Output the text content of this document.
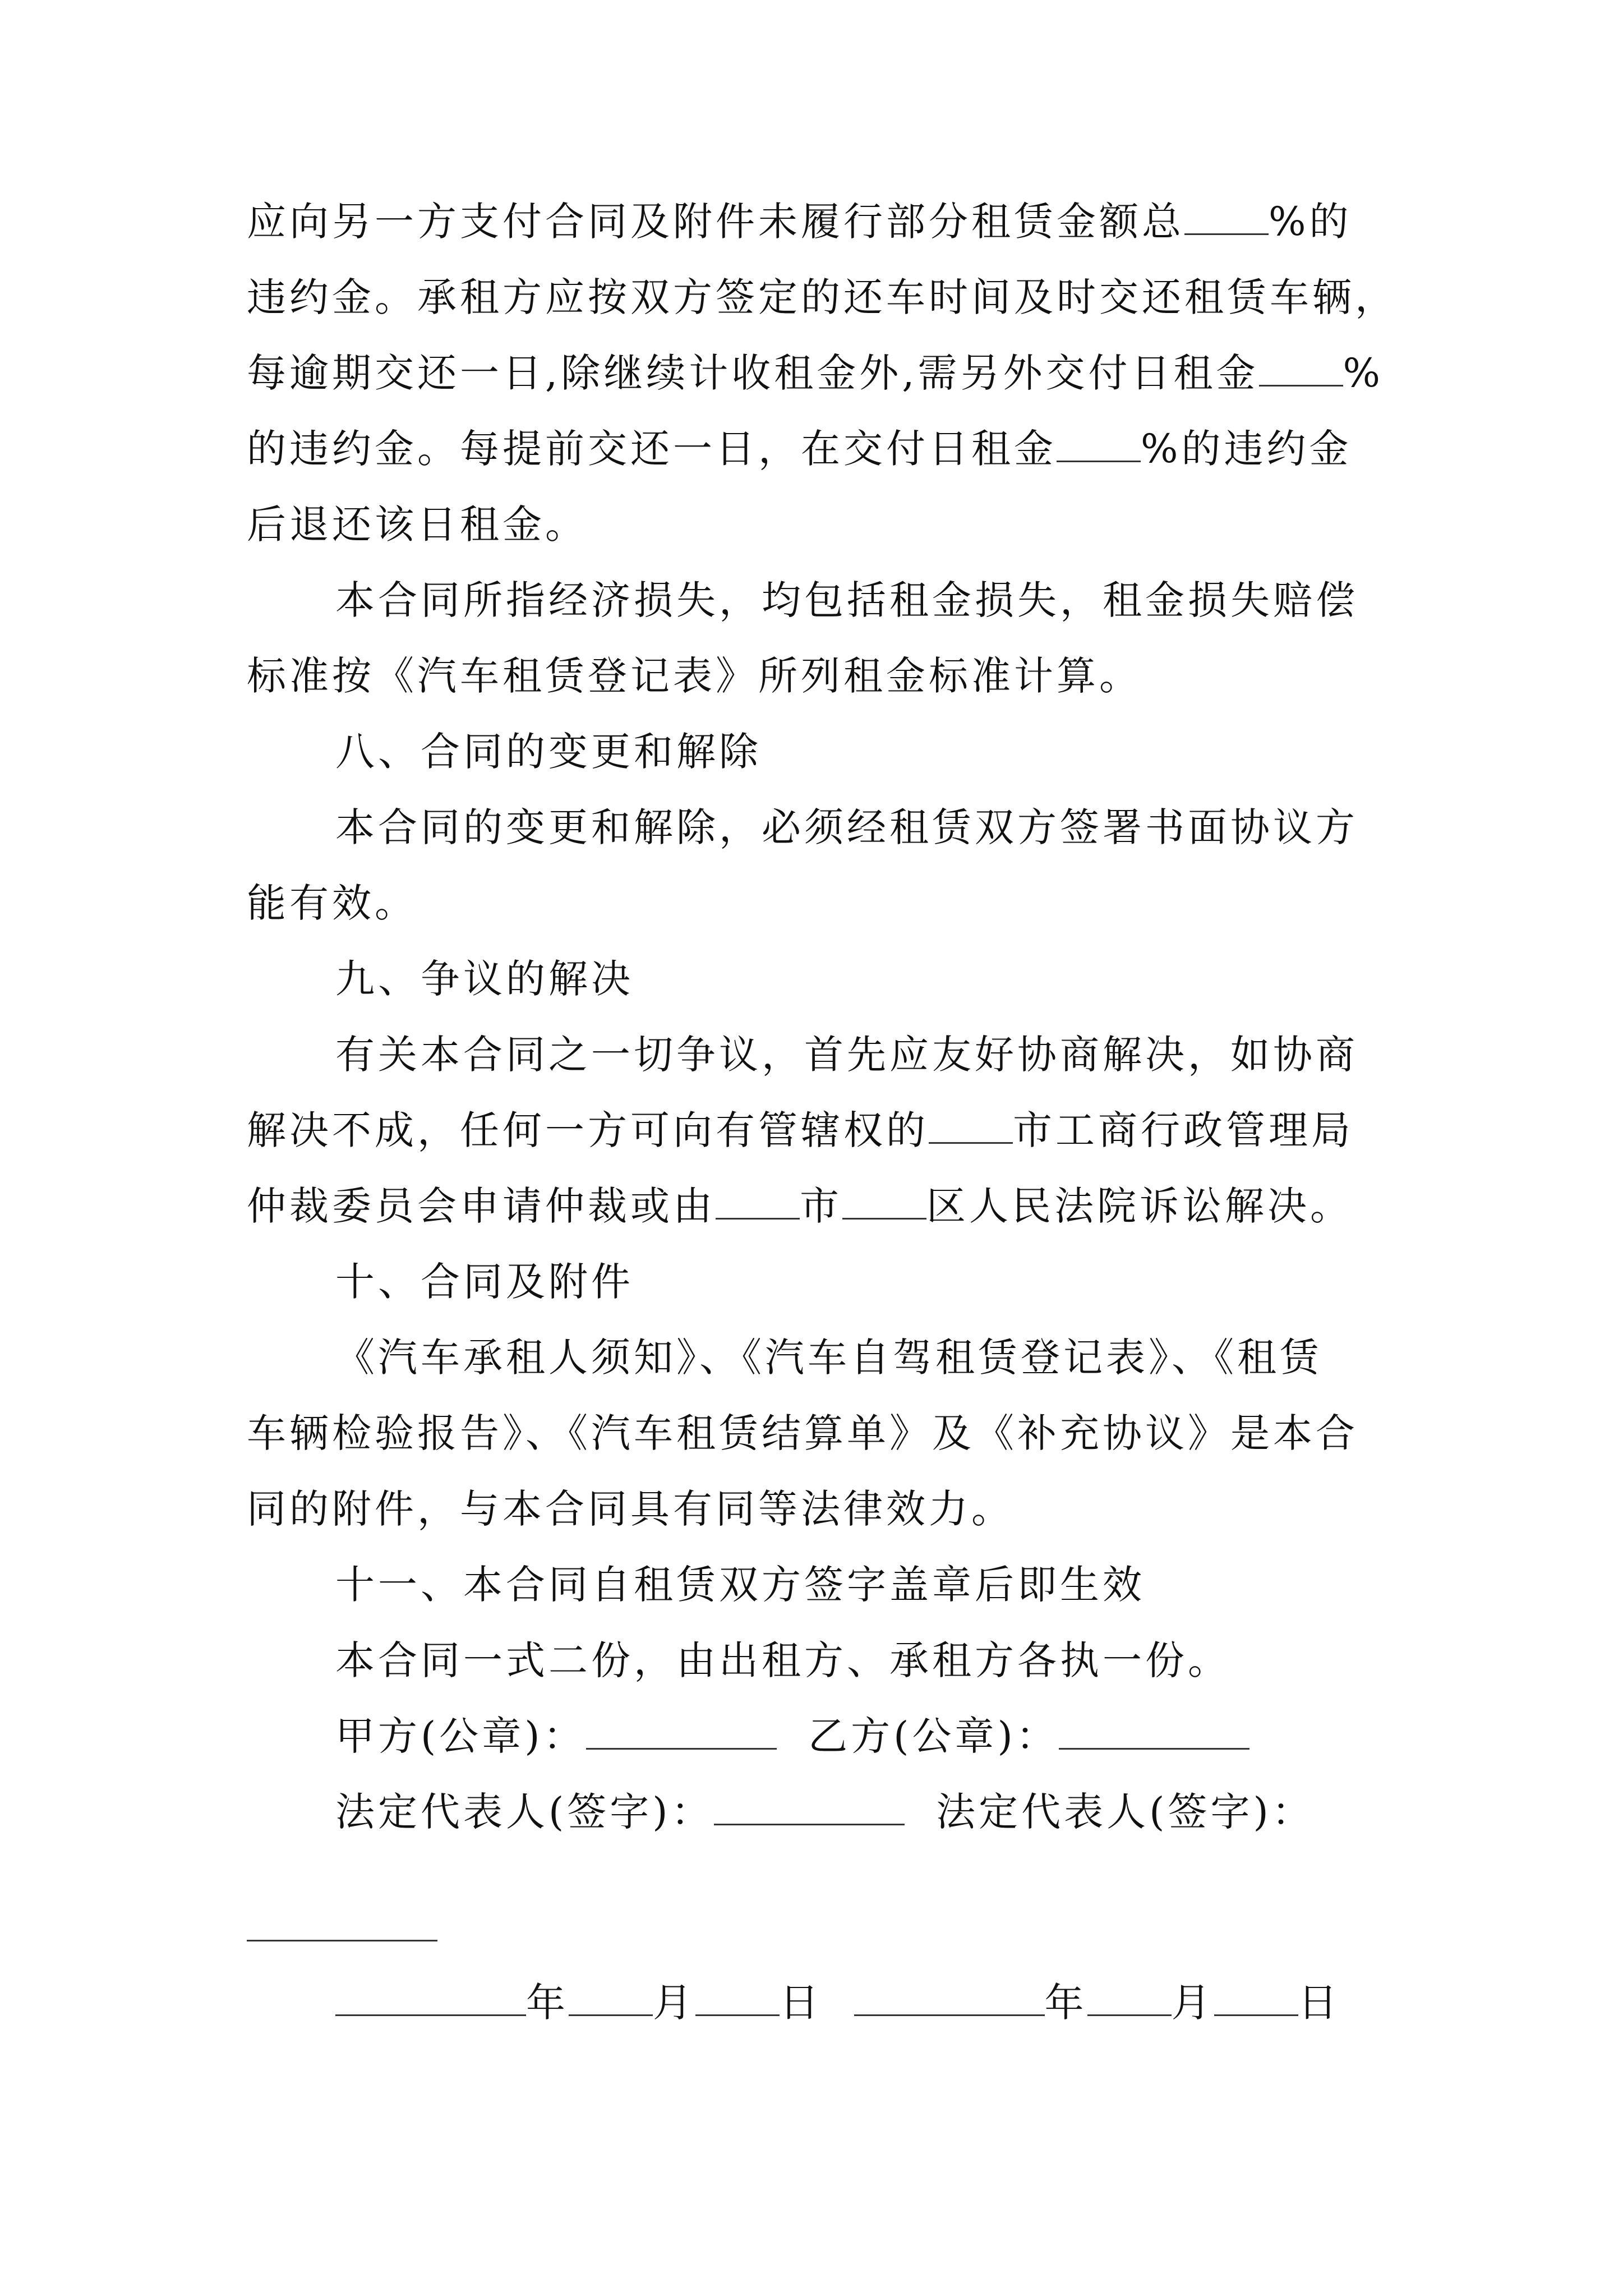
应向另一方支付合同及附件未履行部分租赁金额总 %的
违约金。承租方应按双方签定的还车时间及时交还租赁车辆，
每逾期交还一日,除继续计收租金外,需另外交付日租金 %
的违约金。每提前交还一日，在交付日租金 %的违约金
后退还该日租金。
本合同所指经济损失，均包括租金损失，租金损失赔偿
标准按《汽车租赁登记表》所列租金标准计算。
八、合同的变更和解除
本合同的变更和解除，必须经租赁双方签署书面协议方
能有效。
九、争议的解决
有关本合同之一切争议，首先应友好协商解决，如协商
解决不成，任何一方可向有管辖权的 市工商行政管理局
仲裁委员会申请仲裁或由 市 区人民法院诉讼解决。
十、合同及附件
《汽车承租人须知》、《汽车自驾租赁登记表》、《租赁
车辆检验报告》、《汽车租赁结算单》及《补充协议》是本合
同的附件，与本合同具有同等法律效力。
十一、本合同自租赁双方签字盖章后即生效
本合同一式二份，由出租方、承租方各执一份。
甲方(公章)：	乙方(公章)：
法定代表人(签字)：	法定代表人(签字)：
年 月 日	年 月 日
